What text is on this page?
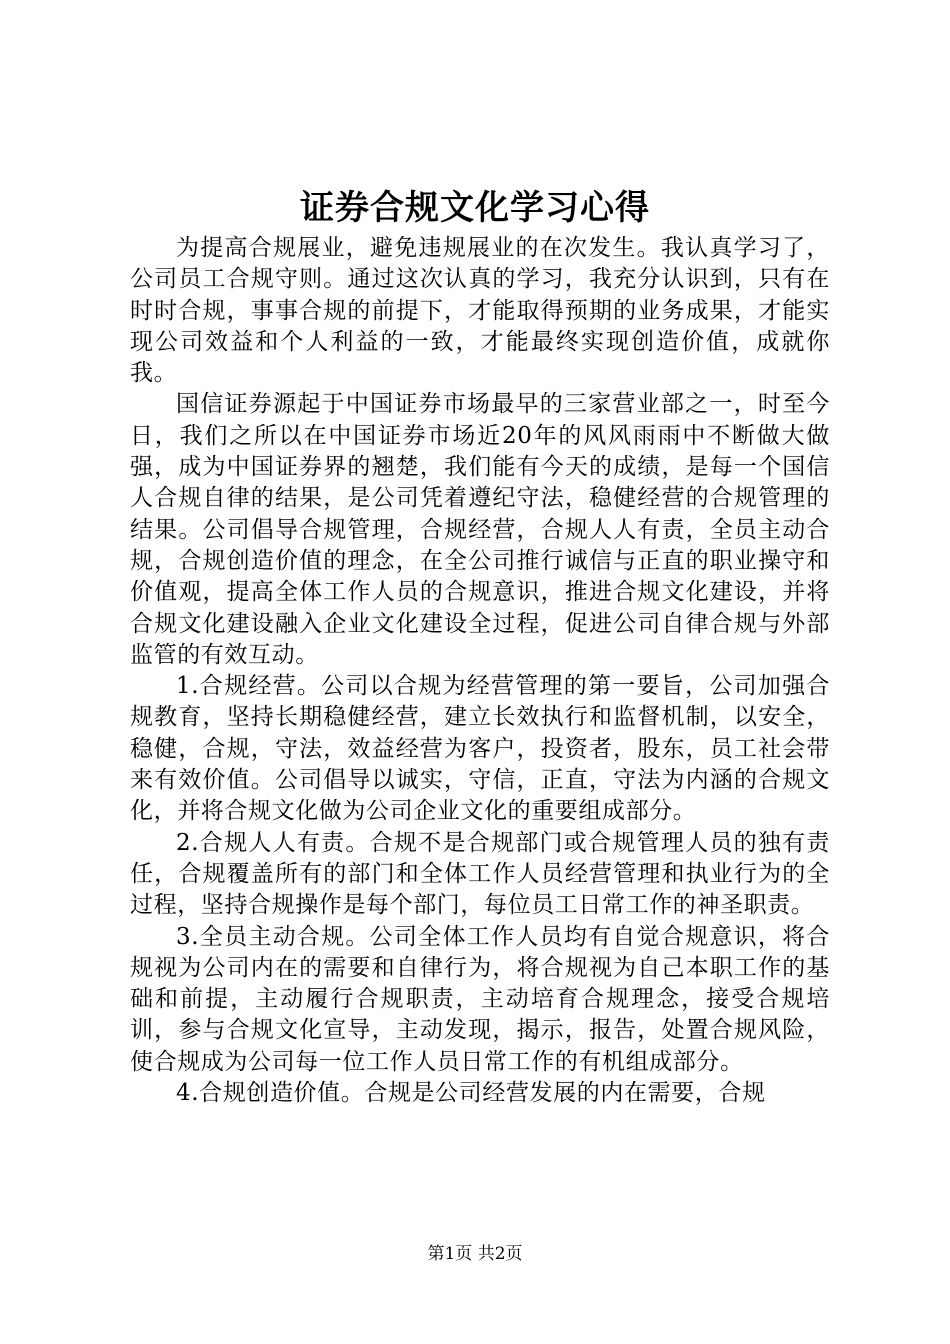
证券合规文化学习心得

为提高合规展业，避免违规展业的在次发生。我认真学习了，公司员工合规守则。通过这次认真的学习，我充分认识到，只有在时时合规，事事合规的前提下，才能取得预期的业务成果，才能实现公司效益和个人利益的一致，才能最终实现创造价值，成就你我。

国信证券源起于中国证券市场最早的三家营业部之一，时至今日，我们之所以在中国证券市场近20年的风风雨雨中不断做大做强，成为中国证券界的翘楚，我们能有今天的成绩，是每一个国信人合规自律的结果，是公司凭着遵纪守法，稳健经营的合规管理的结果。公司倡导合规管理，合规经营，合规人人有责，全员主动合规，合规创造价值的理念，在全公司推行诚信与正直的职业操守和价值观，提高全体工作人员的合规意识，推进合规文化建设，并将合规文化建设融入企业文化建设全过程，促进公司自律合规与外部监管的有效互动。

1.合规经营。公司以合规为经营管理的第一要旨，公司加强合规教育，坚持长期稳健经营，建立长效执行和监督机制，以安全，稳健，合规，守法，效益经营为客户，投资者，股东，员工社会带来有效价值。公司倡导以诚实，守信，正直，守法为内涵的合规文化，并将合规文化做为公司企业文化的重要组成部分。

2.合规人人有责。合规不是合规部门或合规管理人员的独有责任，合规覆盖所有的部门和全体工作人员经营管理和执业行为的全过程，坚持合规操作是每个部门，每位员工日常工作的神圣职责。

3.全员主动合规。公司全体工作人员均有自觉合规意识，将合规视为公司内在的需要和自律行为，将合规视为自己本职工作的基础和前提，主动履行合规职责，主动培育合规理念，接受合规培训，参与合规文化宣导，主动发现，揭示，报告，处置合规风险，使合规成为公司每一位工作人员日常工作的有机组成部分。

4.合规创造价值。合规是公司经营发展的内在需要，合规

第1页 共2页
